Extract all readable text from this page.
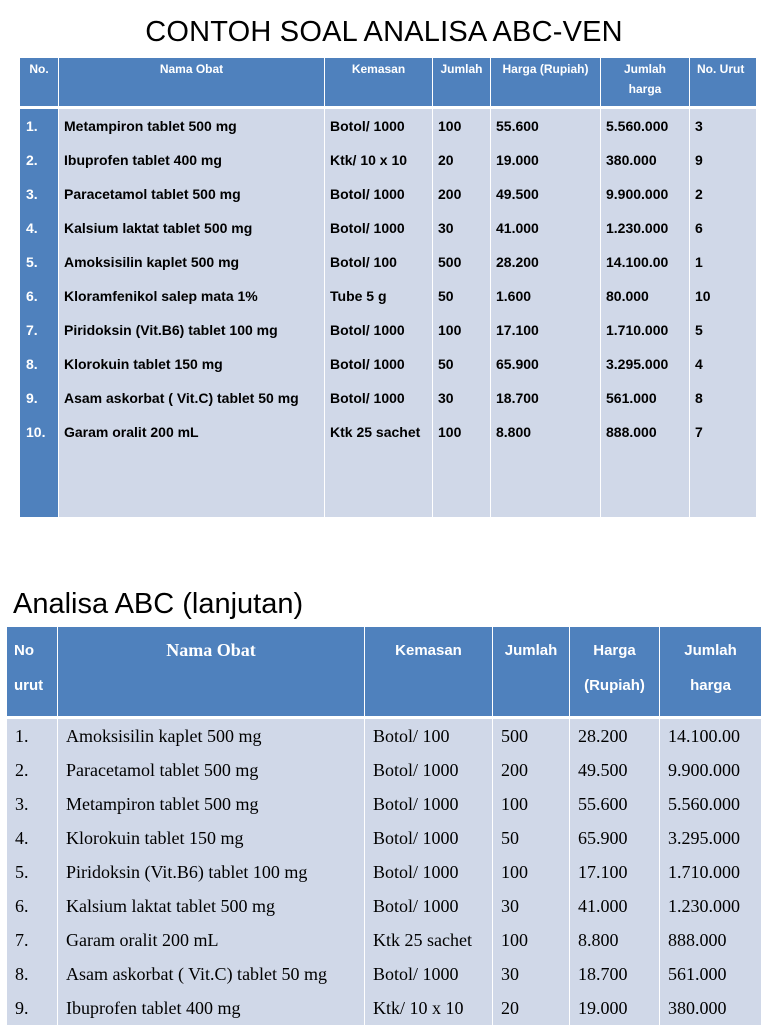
CONTOH SOAL ANALISA ABC-VEN
No.	Nama Obat	Kemasan	Jumlah	Harga (Rupiah)	Jumlah harga	No. Urut
1.	Metampiron tablet 500 mg	Botol/ 1000	100	55.600	5.560.000	3
2.	Ibuprofen tablet 400 mg	Ktk/ 10 x 10	20	19.000	380.000	9
3.	Paracetamol tablet 500 mg	Botol/ 1000	200	49.500	9.900.000	2
4.	Kalsium laktat tablet 500 mg	Botol/ 1000	30	41.000	1.230.000	6
5.	Amoksisilin kaplet 500 mg	Botol/ 100	500	28.200	14.100.00	1
6.	Kloramfenikol salep mata 1%	Tube 5 g	50	1.600	80.000	10
7.	Piridoksin (Vit.B6) tablet 100 mg	Botol/ 1000	100	17.100	1.710.000	5
8.	Klorokuin tablet 150 mg	Botol/ 1000	50	65.900	3.295.000	4
9.	Asam askorbat ( Vit.C) tablet 50 mg	Botol/ 1000	30	18.700	561.000	8
10.	Garam oralit 200 mL	Ktk 25 sachet	100	8.800	888.000	7

Analisa ABC (lanjutan)
No urut	Nama Obat	Kemasan	Jumlah	Harga (Rupiah)	Jumlah harga
1.	Amoksisilin kaplet 500 mg	Botol/ 100	500	28.200	14.100.00
2.	Paracetamol tablet 500 mg	Botol/ 1000	200	49.500	9.900.000
3.	Metampiron tablet 500 mg	Botol/ 1000	100	55.600	5.560.000
4.	Klorokuin tablet 150 mg	Botol/ 1000	50	65.900	3.295.000
5.	Piridoksin (Vit.B6) tablet 100 mg	Botol/ 1000	100	17.100	1.710.000
6.	Kalsium laktat tablet 500 mg	Botol/ 1000	30	41.000	1.230.000
7.	Garam oralit 200 mL	Ktk 25 sachet	100	8.800	888.000
8.	Asam askorbat ( Vit.C) tablet 50 mg	Botol/ 1000	30	18.700	561.000
9.	Ibuprofen tablet 400 mg	Ktk/ 10 x 10	20	19.000	380.000
